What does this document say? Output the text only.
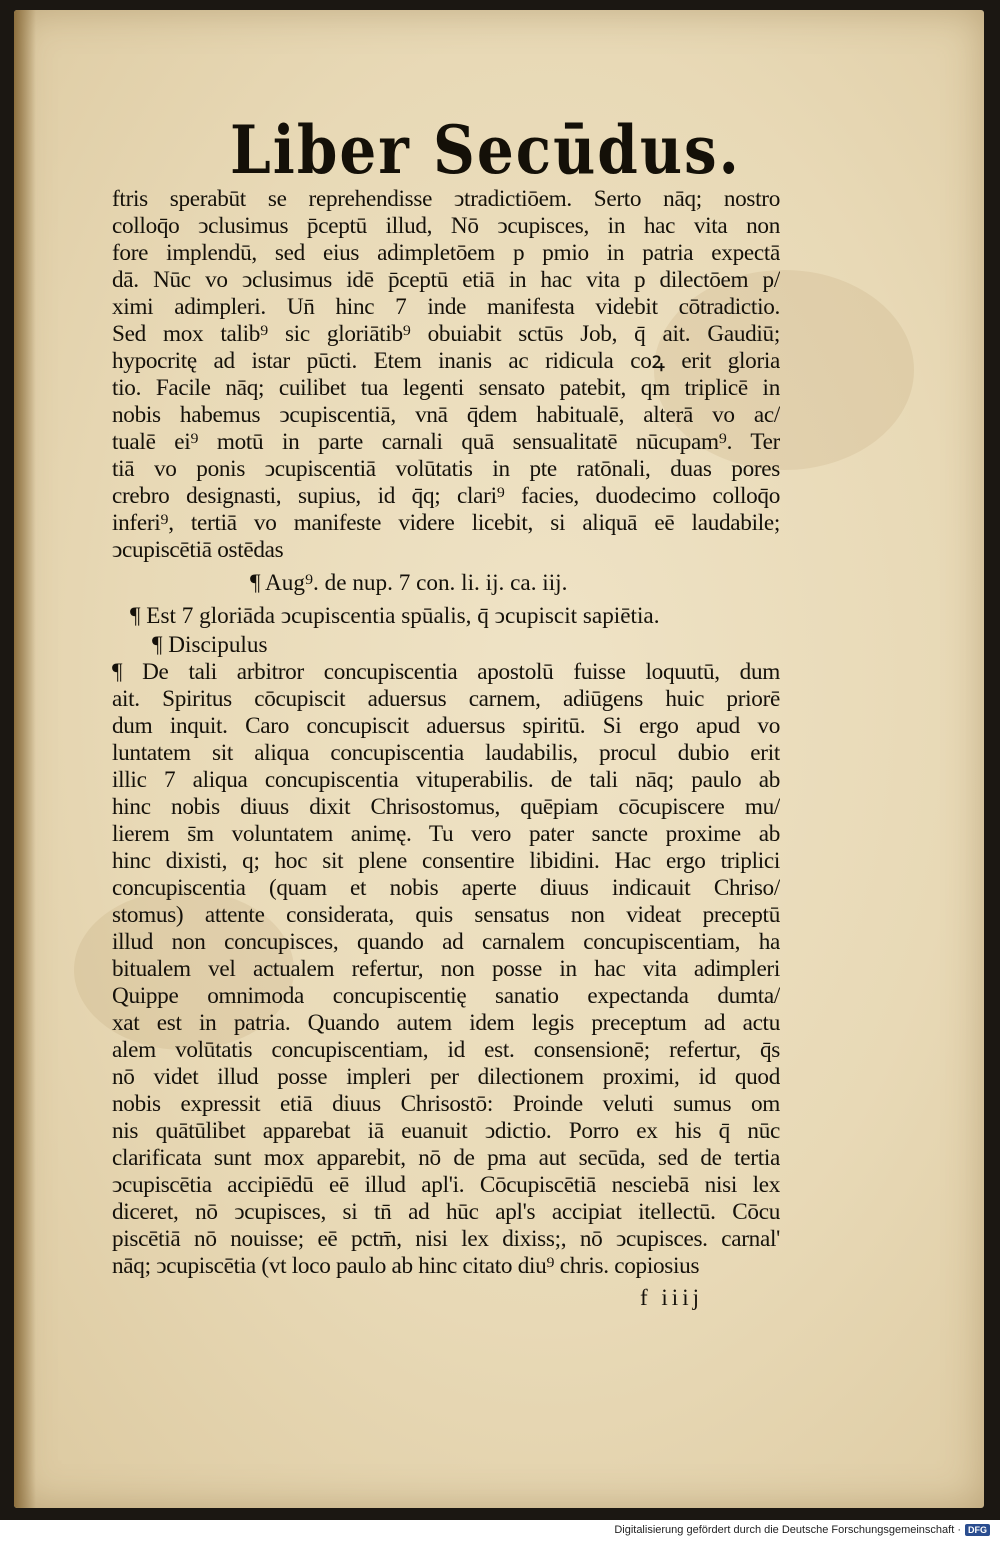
Liber Secūdus.
ftris sperabūt se reprehendisse ↄtradictiōem. Serto nāq; nostro
colloq̄o ↄclusimus p̄ceptū illud, Nō ↄcupisces, in hac vita non
fore implendū, sed eius adimpletōem p pmio in patria expectā
dā. Nūc vo ↄclusimus idē p̄ceptū etiā in hac vita p dilectōem p/
ximi adimpleri. Un̄ hinc 7 inde manifesta videbit cōtradictio.
Sed mox talib⁹ sic gloriātib⁹ obuiabit sctūs Job, q̄ ait. Gaudiū;
hypocritę ad istar pūcti. Etem inanis ac ridicula coꝝ erit gloria
tio. Facile nāq; cuilibet tua legenti sensato patebit, qm triplicē in
nobis habemus ↄcupiscentiā, vnā q̄dem habitualē, alterā vo ac/
tualē ei⁹ motū in parte carnali quā sensualitatē nūcupam⁹. Ter
tiā vo ponis ↄcupiscentiā volūtatis in pte ratōnali, duas pores
crebro designasti, supius, id q̄q; clari⁹ facies, duodecimo colloq̄o
inferi⁹, tertiā vo manifeste videre licebit, si aliquā eē laudabile;
ↄcupiscētiā ostēdas
¶ Aug⁹. de nup. 7 con. li. ij. ca. iij.
¶ Est 7 gloriāda ↄcupiscentia spūalis, q̄ ↄcupiscit sapiētia.
¶ Discipulus
¶ De tali arbitror concupiscentia apostolū fuisse loquutū, dum
ait. Spiritus cōcupiscit aduersus carnem, adiūgens huic priorē
dum inquit. Caro concupiscit aduersus spiritū. Si ergo apud vo
luntatem sit aliqua concupiscentia laudabilis, procul dubio erit
illic 7 aliqua concupiscentia vituperabilis. de tali nāq; paulo ab
hinc nobis diuus dixit Chrisostomus, quēpiam cōcupiscere mu/
lierem s̄m voluntatem animę. Tu vero pater sancte proxime ab
hinc dixisti, q; hoc sit plene consentire libidini. Hac ergo triplici
concupiscentia (quam et nobis aperte diuus indicauit Chriso/
stomus) attente considerata, quis sensatus non videat preceptū
illud non concupisces, quando ad carnalem concupiscentiam, ha
bitualem vel actualem refertur, non posse in hac vita adimpleri
Quippe omnimoda concupiscentię sanatio expectanda dumta/
xat est in patria. Quando autem idem legis preceptum ad actu
alem volūtatis concupiscentiam, id est. consensionē; refertur, q̄s
nō videt illud posse impleri per dilectionem proximi, id quod
nobis expressit etiā diuus Chrisostō: Proinde veluti sumus om
nis quātūlibet apparebat iā euanuit ↄdictio. Porro ex his q̄ nūc
clarificata sunt mox apparebit, nō de pma aut secūda, sed de tertia
ↄcupiscētia accipiēdū eē illud apl'i. Cōcupiscētiā nesciebā nisi lex
diceret, nō ↄcupisces, si tn̄ ad hūc apl's accipiat itellectū. Cōcu
piscētiā nō nouisse; eē pctm̄, nisi lex dixiss;, nō ↄcupisces. carnal'
nāq; ↄcupiscētia (vt loco paulo ab hinc citato diu⁹ chris. copiosius
f iiij
Digitalisierung gefördert durch die Deutsche Forschungsgemeinschaft · DFG
